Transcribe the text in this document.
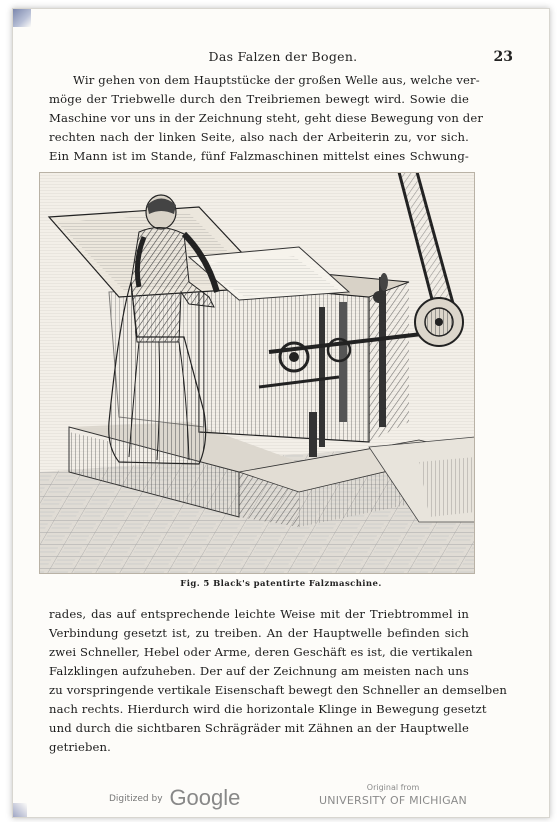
Das Falzen der Bogen.	23
Wir gehen von dem Hauptstücke der großen Welle aus, welche ver-
möge der Triebwelle durch den Treibriemen bewegt wird. Sowie die
Maschine vor uns in der Zeichnung steht, geht diese Bewegung von der
rechten nach der linken Seite, also nach der Arbeiterin zu, vor sich.
Ein Mann ist im Stande, fünf Falzmaschinen mittelst eines Schwung-
Fig. 5 Black's patentirte Falzmaschine.
rades, das auf entsprechende leichte Weise mit der Triebtrommel in
Verbindung gesetzt ist, zu treiben. An der Hauptwelle befinden sich
zwei Schneller, Hebel oder Arme, deren Geschäft es ist, die vertikalen
Falzklingen aufzuheben. Der auf der Zeichnung am meisten nach uns
zu vorspringende vertikale Eisenschaft bewegt den Schneller an demselben
nach rechts. Hierdurch wird die horizontale Klinge in Bewegung gesetzt
und durch die sichtbaren Schrägräder mit Zähnen an der Hauptwelle
getrieben.
Digitized by Google	Original from
UNIVERSITY OF MICHIGAN
